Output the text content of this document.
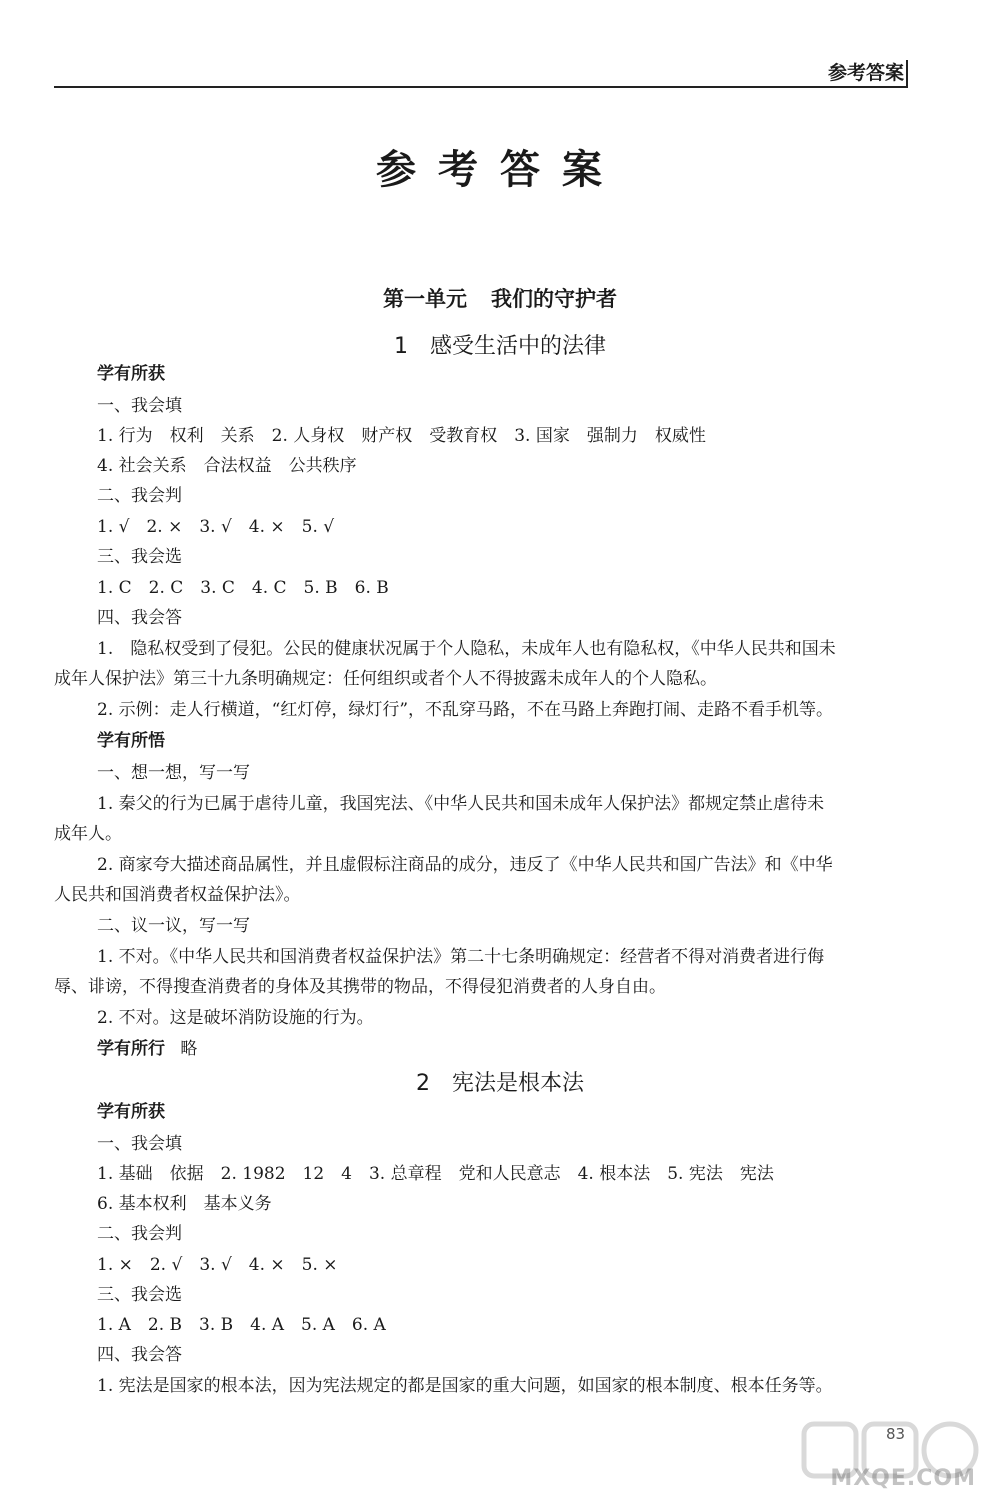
参考答案
参考答案
第一单元 我们的守护者
1 感受生活中的法律
学有所获
一、我会填
1. 行为　权利　关系　2. 人身权　财产权　受教育权　3. 国家　强制力　权威性
4. 社会关系　合法权益　公共秩序
二、我会判
1. √　2. ×　3. √　4. ×　5. √
三、我会选
1. C　2. C　3. C　4. C　5. B　6. B
四、我会答
1.　隐私权受到了侵犯。公民的健康状况属于个人隐私，未成年人也有隐私权，《中华人民共和国未
成年人保护法》第三十九条明确规定：任何组织或者个人不得披露未成年人的个人隐私。
2. 示例：走人行横道，“红灯停，绿灯行”，不乱穿马路，不在马路上奔跑打闹、走路不看手机等。
学有所悟
一、想一想，写一写
1. 秦父的行为已属于虐待儿童，我国宪法、《中华人民共和国未成年人保护法》都规定禁止虐待未
成年人。
2. 商家夸大描述商品属性，并且虚假标注商品的成分，违反了《中华人民共和国广告法》和《中华
人民共和国消费者权益保护法》。
二、议一议，写一写
1. 不对。《中华人民共和国消费者权益保护法》第二十七条明确规定：经营者不得对消费者进行侮
辱、诽谤，不得搜查消费者的身体及其携带的物品，不得侵犯消费者的人身自由。
2. 不对。这是破坏消防设施的行为。
学有所行 略
2 宪法是根本法
学有所获
一、我会填
1. 基础　依据　2. 1982　12　4　3. 总章程　党和人民意志　4. 根本法　5. 宪法　宪法
6. 基本权利　基本义务
二、我会判
1. ×　2. √　3. √　4. ×　5. ×
三、我会选
1. A　2. B　3. B　4. A　5. A　6. A
四、我会答
1. 宪法是国家的根本法，因为宪法规定的都是国家的重大问题，如国家的根本制度、根本任务等。
83
MXQE.COM
